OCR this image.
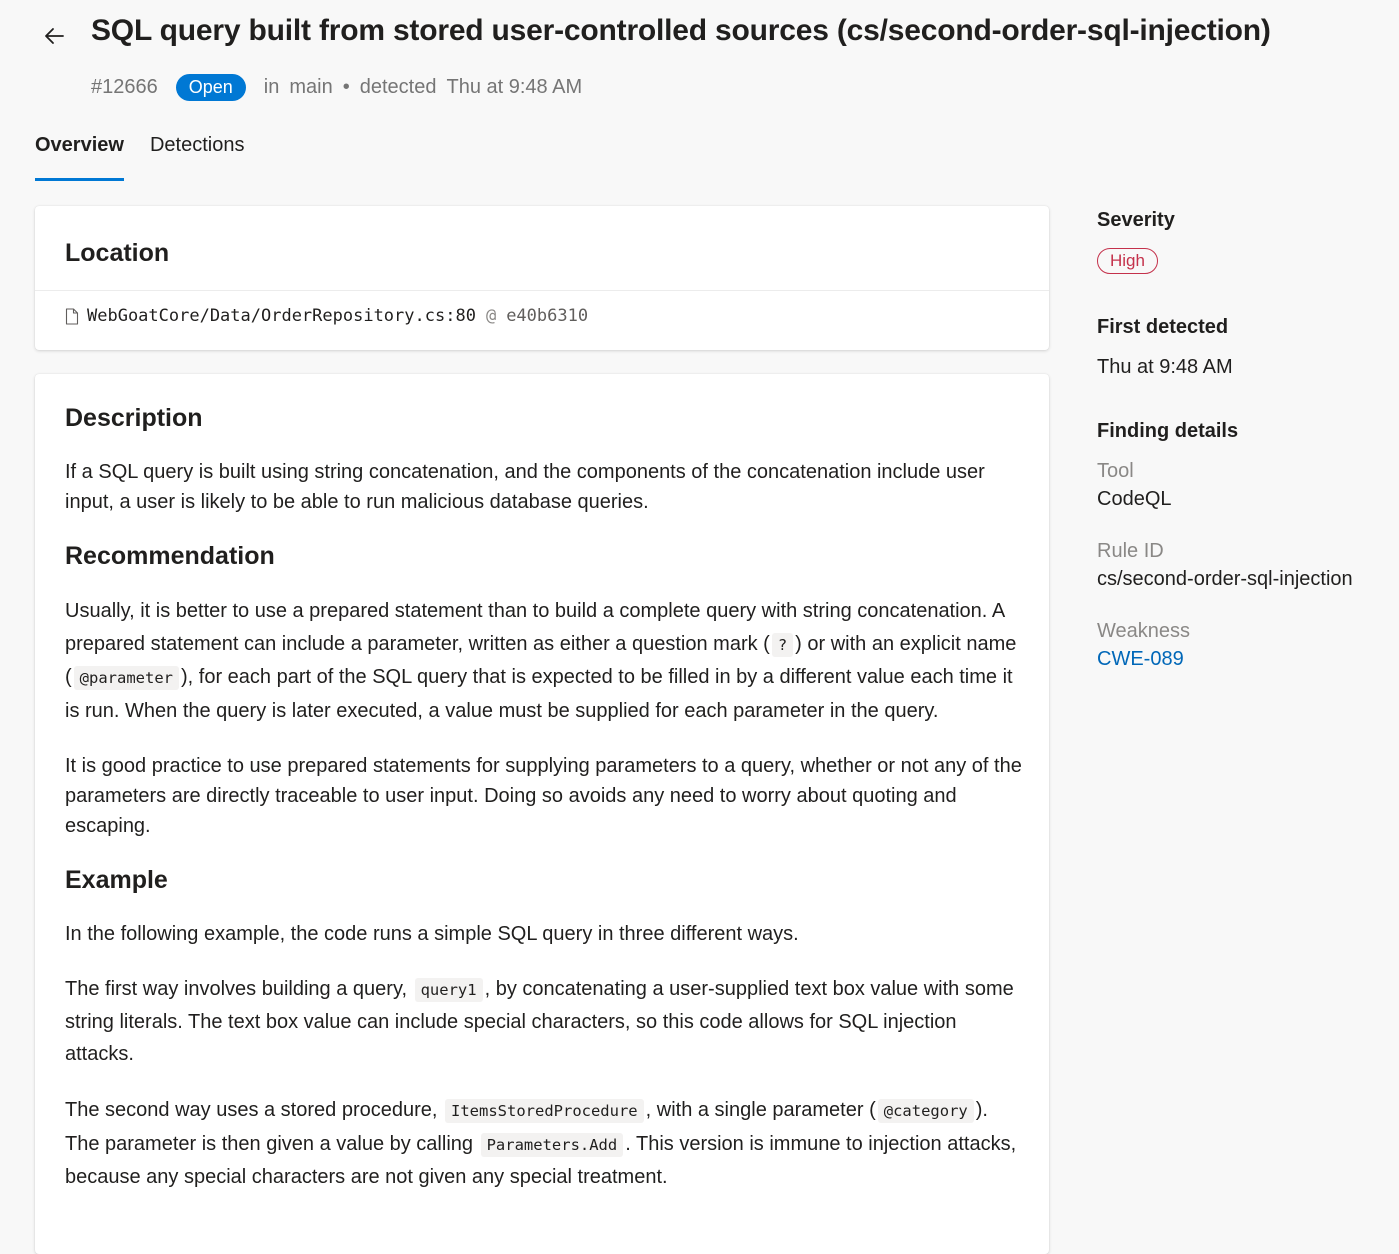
SQL query built from stored user-controlled sources (cs/second-order-sql-injection)
#12666	Open	in main • detected Thu at 9:48 AM
Overview Detections
Location
WebGoatCore/Data/OrderRepository.cs:80 @ e40b6310
Description

If a SQL query is built using string concatenation, and the components of the concatenation include user input, a user is likely to be able to run malicious database queries.

Recommendation

Usually, it is better to use a prepared statement than to build a complete query with string concatenation. A prepared statement can include a parameter, written as either a question mark ( ? ) or with an explicit name ( @parameter ), for each part of the SQL query that is expected to be filled in by a different value each time it is run. When the query is later executed, a value must be supplied for each parameter in the query.

It is good practice to use prepared statements for supplying parameters to a query, whether or not any of the parameters are directly traceable to user input. Doing so avoids any need to worry about quoting and escaping.

Example

In the following example, the code runs a simple SQL query in three different ways.

The first way involves building a query, query1 , by concatenating a user-supplied text box value with some string literals. The text box value can include special characters, so this code allows for SQL injection attacks.

The second way uses a stored procedure, ItemsStoredProcedure , with a single parameter ( @category ). The parameter is then given a value by calling Parameters.Add . This version is immune to injection attacks, because any special characters are not given any special treatment.

Severity
High
First detected
Thu at 9:48 AM
Finding details
Tool
CodeQL
Rule ID
cs/second-order-sql-injection
Weakness
CWE-089
